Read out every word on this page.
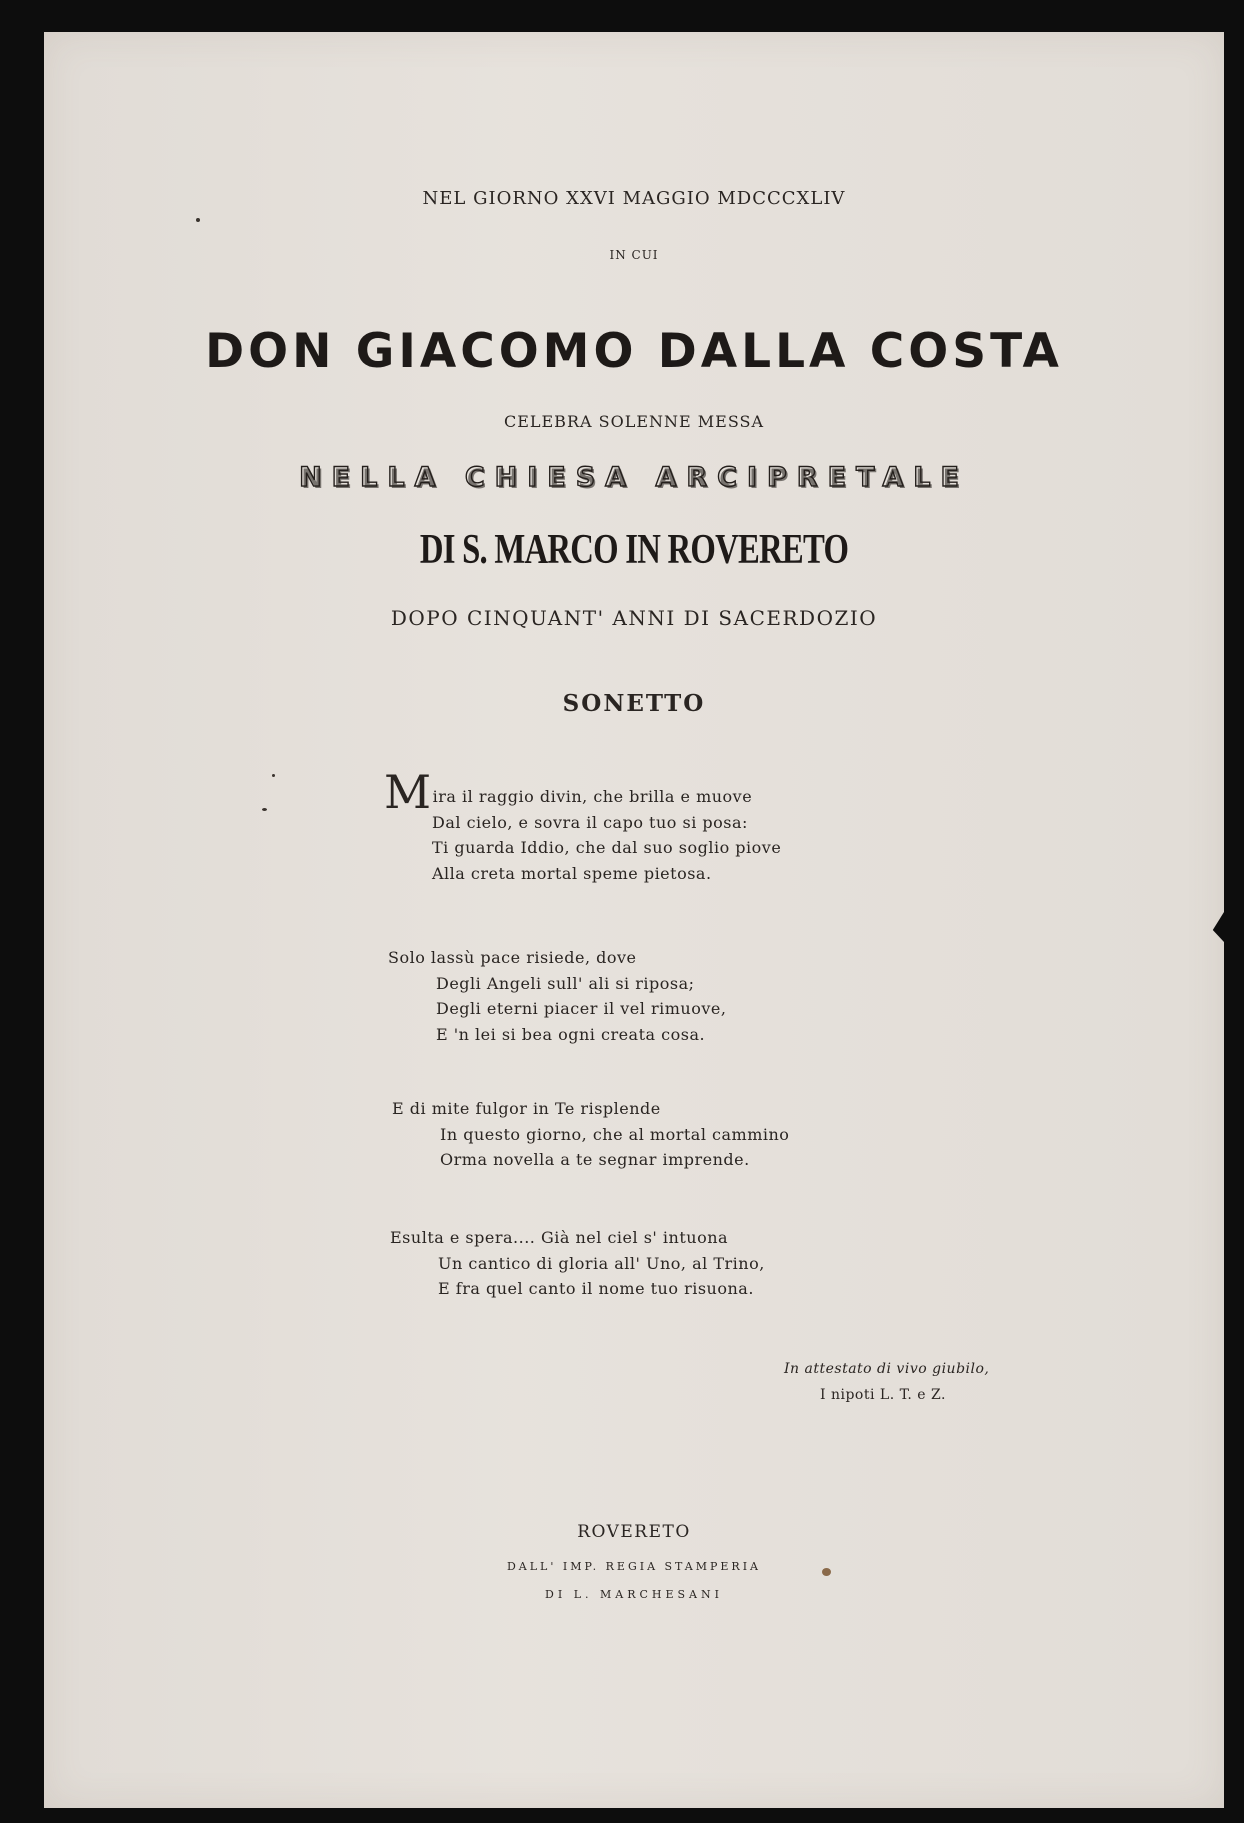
NEL GIORNO XXVI MAGGIO MDCCCXLIV
IN CUI
DON GIACOMO DALLA COSTA
CELEBRA SOLENNE MESSA
NELLA CHIESA ARCIPRETALE
DI S. MARCO IN ROVERETO
DOPO CINQUANT' ANNI DI SACERDOZIO
SONETTO
Mira il raggio divin, che brilla e muove
Dal cielo, e sovra il capo tuo si posa:
Ti guarda Iddio, che dal suo soglio piove
Alla creta mortal speme pietosa.
Solo lassù pace risiede, dove
Degli Angeli sull' ali si riposa;
Degli eterni piacer il vel rimuove,
E 'n lei si bea ogni creata cosa.
E di mite fulgor in Te risplende
In questo giorno, che al mortal cammino
Orma novella a te segnar imprende.
Esulta e spera.... Già nel ciel s' intuona
Un cantico di gloria all' Uno, al Trino,
E fra quel canto il nome tuo risuona.
In attestato di vivo giubilo,
I nipoti L. T. e Z.
ROVERETO
DALL' IMP. REGIA STAMPERIA
DI L. MARCHESANI
